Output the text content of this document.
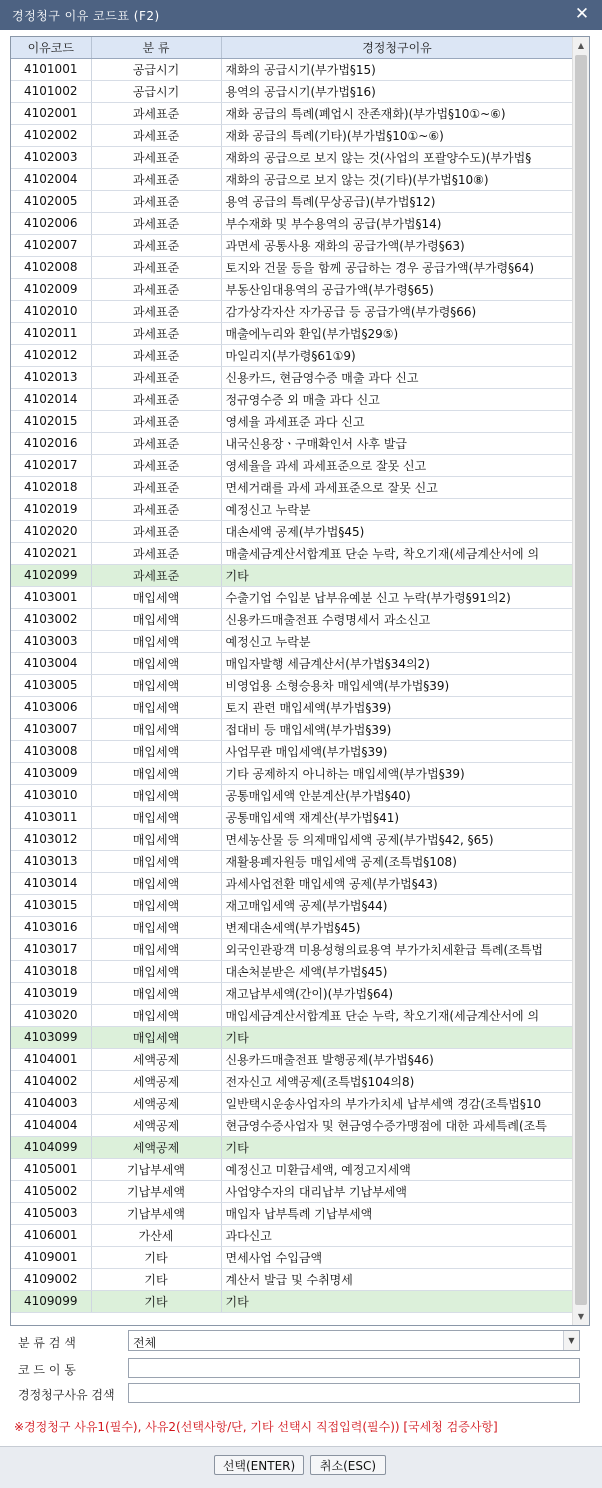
경정청구 이유 코드표 (F2)	✕
이유코드	분 류	경정청구이유
4101001	공급시기	재화의 공급시기(부가법§15)
4101002	공급시기	용역의 공급시기(부가법§16)
4102001	과세표준	재화 공급의 특례(폐업시 잔존재화)(부가법§10①~⑥)
4102002	과세표준	재화 공급의 특례(기타)(부가법§10①~⑥)
4102003	과세표준	재화의 공급으로 보지 않는 것(사업의 포괄양수도)(부가법§
4102004	과세표준	재화의 공급으로 보지 않는 것(기타)(부가법§10⑧)
4102005	과세표준	용역 공급의 특례(무상공급)(부가법§12)
4102006	과세표준	부수재화 및 부수용역의 공급(부가법§14)
4102007	과세표준	과면세 공통사용 재화의 공급가액(부가령§63)
4102008	과세표준	토지와 건물 등을 함께 공급하는 경우 공급가액(부가령§64)
4102009	과세표준	부동산임대용역의 공급가액(부가령§65)
4102010	과세표준	감가상각자산 자가공급 등 공급가액(부가령§66)
4102011	과세표준	매출에누리와 환입(부가법§29⑤)
4102012	과세표준	마일리지(부가령§61①9)
4102013	과세표준	신용카드, 현금영수증 매출 과다 신고
4102014	과세표준	정규영수증 외 매출 과다 신고
4102015	과세표준	영세율 과세표준 과다 신고
4102016	과세표준	내국신용장ㆍ구매확인서 사후 발급
4102017	과세표준	영세율을 과세 과세표준으로 잘못 신고
4102018	과세표준	면세거래를 과세 과세표준으로 잘못 신고
4102019	과세표준	예정신고 누락분
4102020	과세표준	대손세액 공제(부가법§45)
4102021	과세표준	매출세금계산서합계표 단순 누락, 착오기재(세금계산서에 의
4102099	과세표준	기타
4103001	매입세액	수출기업 수입분 납부유예분 신고 누락(부가령§91의2)
4103002	매입세액	신용카드매출전표 수령명세서 과소신고
4103003	매입세액	예정신고 누락분
4103004	매입세액	매입자발행 세금계산서(부가법§34의2)
4103005	매입세액	비영업용 소형승용차 매입세액(부가법§39)
4103006	매입세액	토지 관련 매입세액(부가법§39)
4103007	매입세액	접대비 등 매입세액(부가법§39)
4103008	매입세액	사업무관 매입세액(부가법§39)
4103009	매입세액	기타 공제하지 아니하는 매입세액(부가법§39)
4103010	매입세액	공통매입세액 안분계산(부가법§40)
4103011	매입세액	공통매입세액 재계산(부가법§41)
4103012	매입세액	면세농산물 등 의제매입세액 공제(부가법§42, §65)
4103013	매입세액	재활용폐자원등 매입세액 공제(조특법§108)
4103014	매입세액	과세사업전환 매입세액 공제(부가법§43)
4103015	매입세액	재고매입세액 공제(부가법§44)
4103016	매입세액	변제대손세액(부가법§45)
4103017	매입세액	외국인관광객 미용성형의료용역 부가가치세환급 특례(조특법
4103018	매입세액	대손처분받은 세액(부가법§45)
4103019	매입세액	재고납부세액(간이)(부가법§64)
4103020	매입세액	매입세금계산서합계표 단순 누락, 착오기재(세금계산서에 의
4103099	매입세액	기타
4104001	세액공제	신용카드매출전표 발행공제(부가법§46)
4104002	세액공제	전자신고 세액공제(조특법§104의8)
4104003	세액공제	일반택시운송사업자의 부가가치세 납부세액 경감(조특법§10
4104004	세액공제	현금영수증사업자 및 현금영수증가맹점에 대한 과세특례(조특
4104099	세액공제	기타
4105001	기납부세액	예정신고 미환급세액, 예정고지세액
4105002	기납부세액	사업양수자의 대리납부 기납부세액
4105003	기납부세액	매입자 납부특례 기납부세액
4106001	가산세	과다신고
4109001	기타	면세사업 수입금액
4109002	기타	계산서 발급 및 수취명세
4109099	기타	기타
▲
▼
분 류 검 색	전체	▼
코 드 이 동
경정청구사유 검색
※경정청구 사유1(필수), 사유2(선택사항/단, 기타 선택시 직접입력(필수)) [국세청 검증사항]
선택(ENTER)	취소(ESC)
